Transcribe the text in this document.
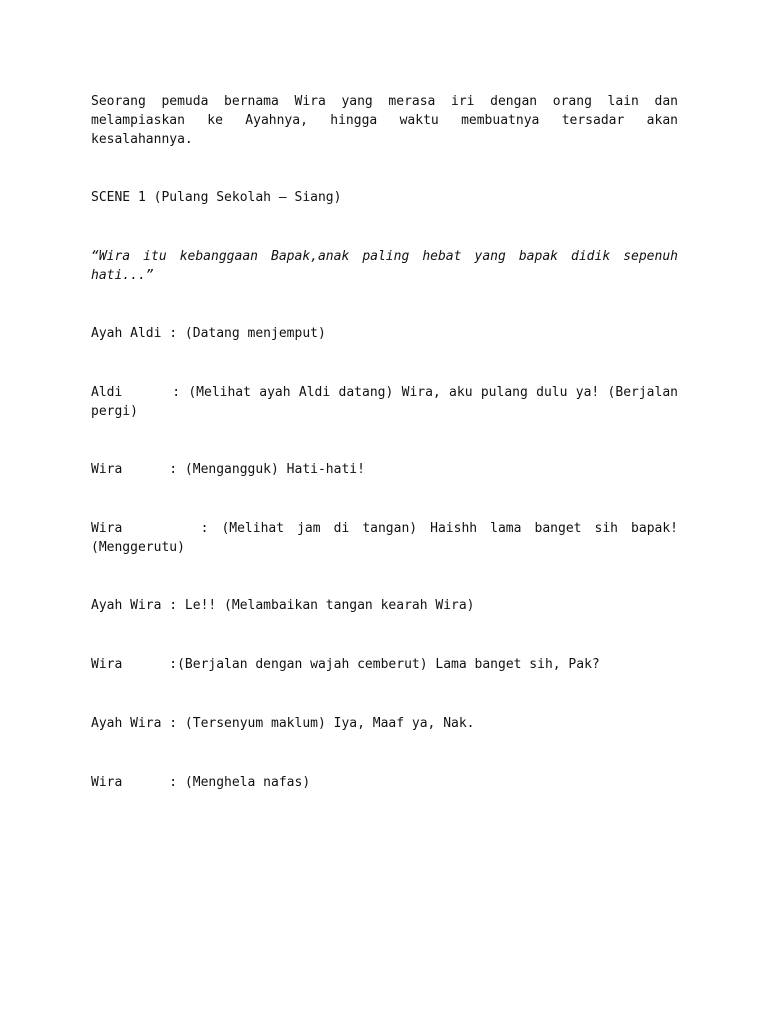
Seorang pemuda bernama Wira yang merasa iri dengan orang lain dan melampiaskan ke Ayahnya, hingga waktu membuatnya tersadar akan kesalahannya.

SCENE 1 (Pulang Sekolah – Siang)

“Wira itu kebanggaan Bapak,anak paling hebat yang bapak didik sepenuh hati...”

Ayah Aldi : (Datang menjemput)

Aldi      : (Melihat ayah Aldi datang) Wira, aku pulang dulu ya! (Berjalan pergi)

Wira      : (Mengangguk) Hati-hati!

Wira      : (Melihat jam di tangan) Haishh lama banget sih bapak! (Menggerutu)

Ayah Wira : Le!! (Melambaikan tangan kearah Wira)

Wira      :(Berjalan dengan wajah cemberut) Lama banget sih, Pak?

Ayah Wira : (Tersenyum maklum) Iya, Maaf ya, Nak.

Wira      : (Menghela nafas)
